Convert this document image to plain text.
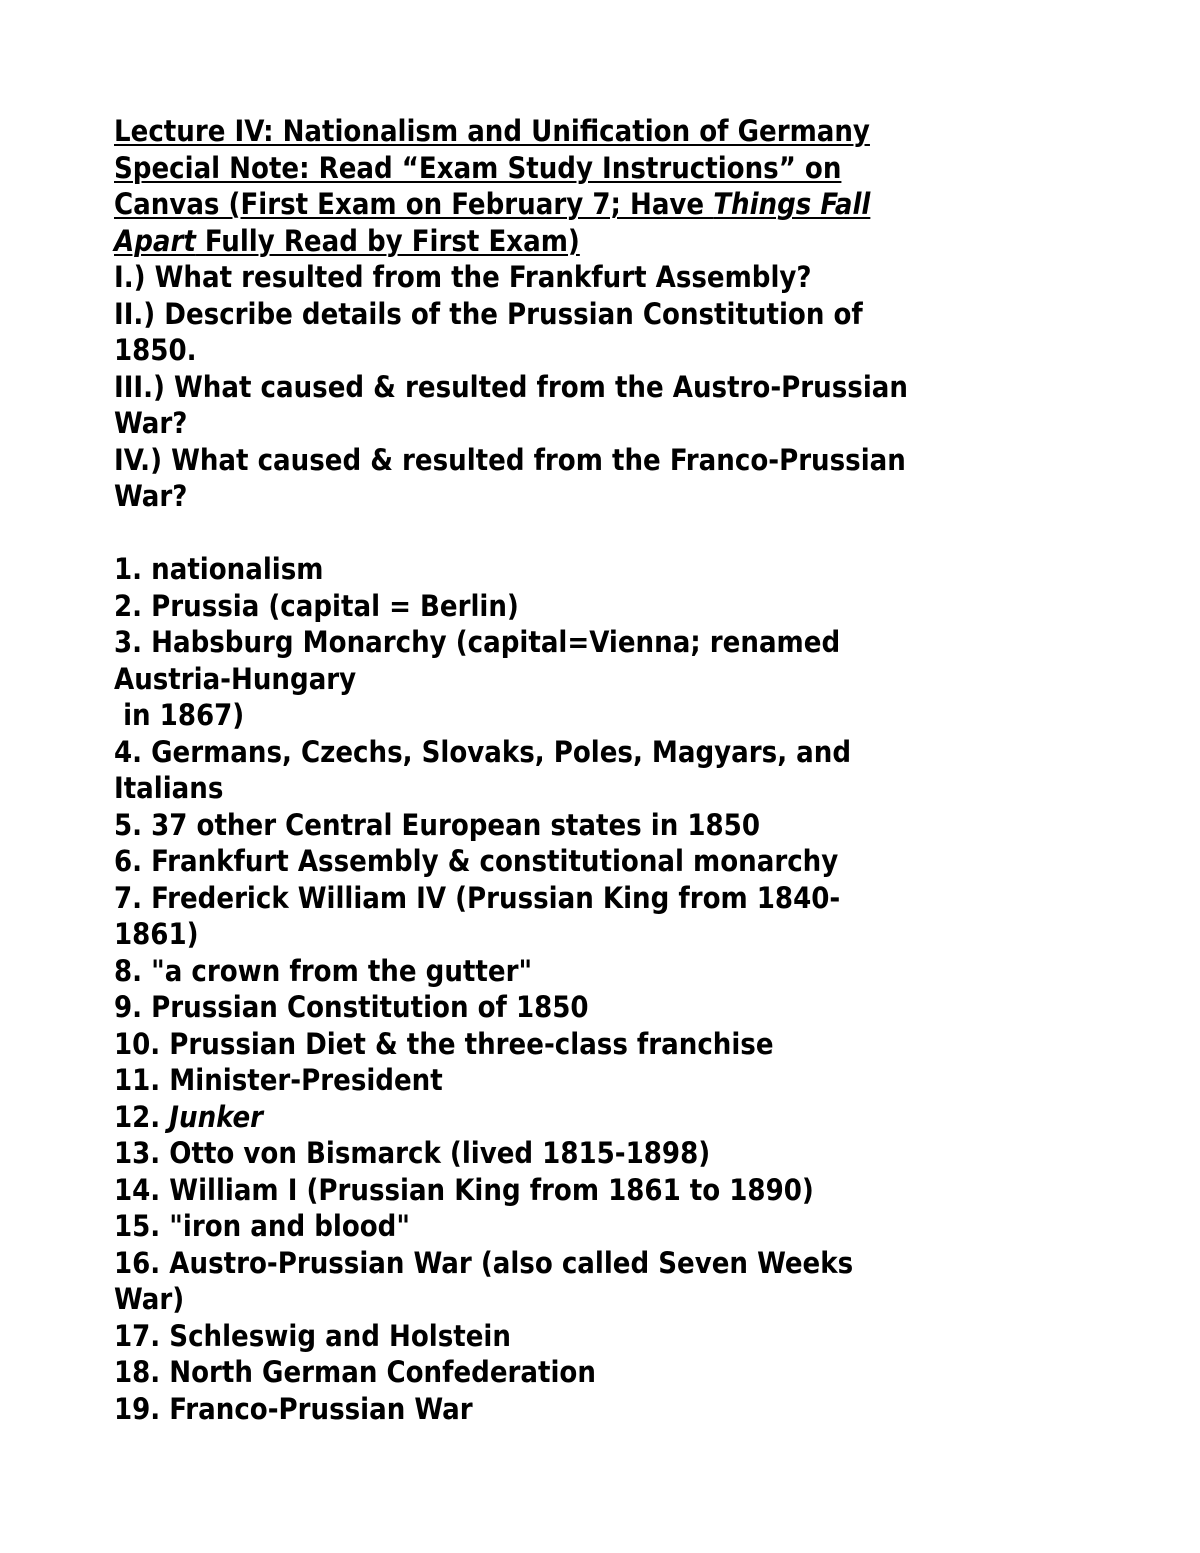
Lecture IV: Nationalism and Unification of Germany
Special Note: Read “Exam Study Instructions” on
Canvas (First Exam on February 7; Have Things Fall
Apart Fully Read by First Exam)
I.) What resulted from the Frankfurt Assembly?
II.) Describe details of the Prussian Constitution of
1850.
III.) What caused & resulted from the Austro-Prussian
War?
IV.) What caused & resulted from the Franco-Prussian
War?
1. nationalism
2. Prussia (capital = Berlin)
3. Habsburg Monarchy (capital=Vienna; renamed
Austria-Hungary
in 1867)
4. Germans, Czechs, Slovaks, Poles, Magyars, and
Italians
5. 37 other Central European states in 1850
6. Frankfurt Assembly & constitutional monarchy
7. Frederick William IV (Prussian King from 1840-
1861)
8. "a crown from the gutter"
9. Prussian Constitution of 1850
10. Prussian Diet & the three-class franchise
11. Minister-President
12. Junker
13. Otto von Bismarck (lived 1815-1898)
14. William I (Prussian King from 1861 to 1890)
15. "iron and blood"
16. Austro-Prussian War (also called Seven Weeks
War)
17. Schleswig and Holstein
18. North German Confederation
19. Franco-Prussian War
